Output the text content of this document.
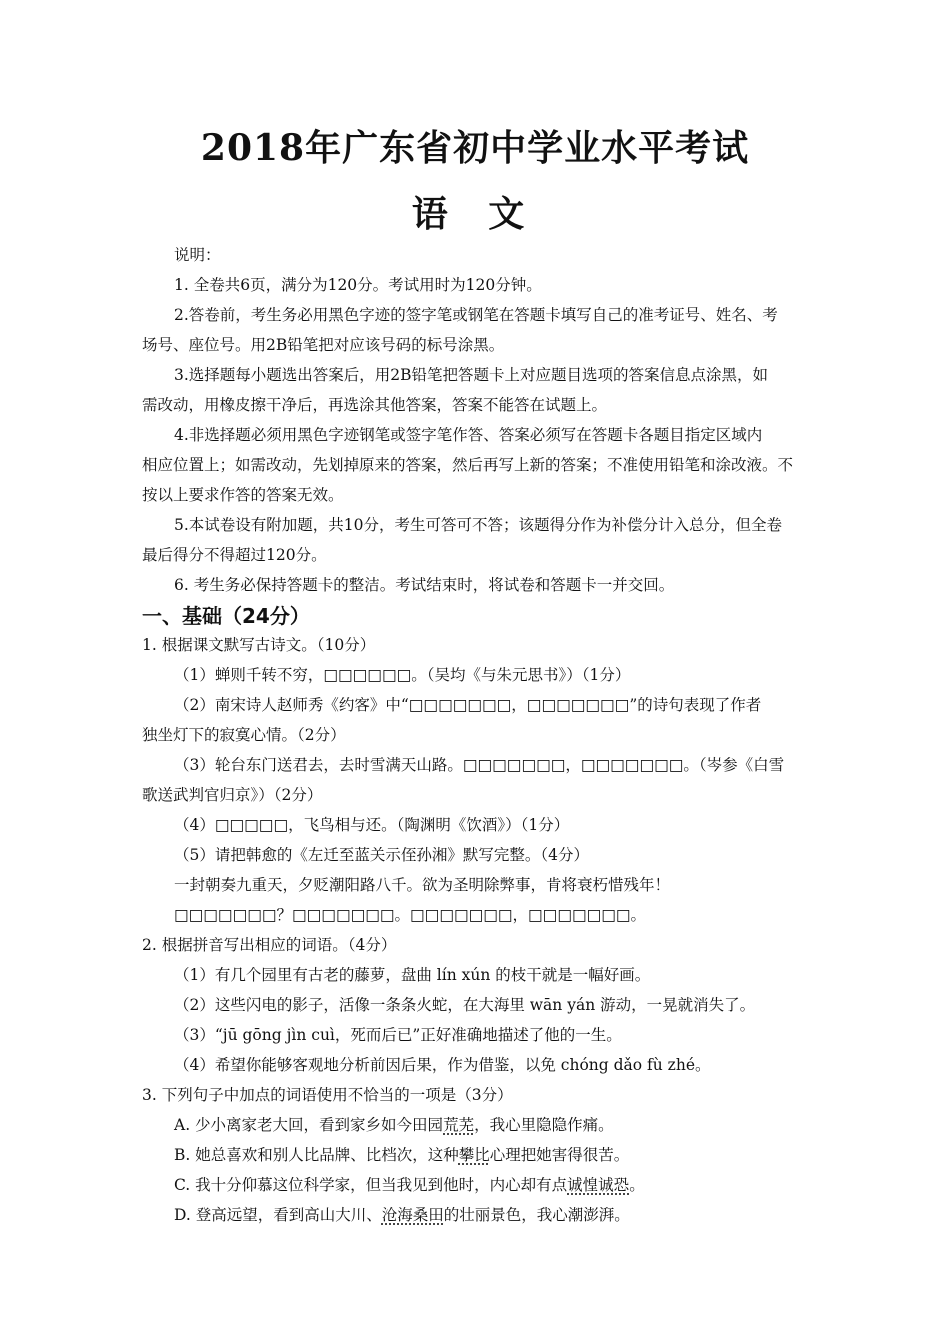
2018年广东省初中学业水平考试
语 文
说明：
1. 全卷共6页，满分为120分。考试用时为120分钟。
2.答卷前，考生务必用黑色字迹的签字笔或钢笔在答题卡填写自己的准考证号、姓名、考
场号、座位号。用2B铅笔把对应该号码的标号涂黑。
3.选择题每小题选出答案后，用2B铅笔把答题卡上对应题目选项的答案信息点涂黑，如
需改动，用橡皮擦干净后，再选涂其他答案，答案不能答在试题上。
4.非选择题必须用黑色字迹钢笔或签字笔作答、答案必须写在答题卡各题目指定区域内
相应位置上；如需改动，先划掉原来的答案，然后再写上新的答案；不准使用铅笔和涂改液。不
按以上要求作答的答案无效。
5.本试卷设有附加题，共10分，考生可答可不答；该题得分作为补偿分计入总分，但全卷
最后得分不得超过120分。
6. 考生务必保持答题卡的整洁。考试结束时，将试卷和答题卡一并交回。
一、基础（24分）
1. 根据课文默写古诗文。（10分）
（1）蝉则千转不穷，□□□□□□。（吴均《与朱元思书》）（1分）
（2）南宋诗人赵师秀《约客》中“□□□□□□□，□□□□□□□”的诗句表现了作者
独坐灯下的寂寞心情。（2分）
（3）轮台东门送君去，去时雪满天山路。□□□□□□□，□□□□□□□。（岑参《白雪
歌送武判官归京》）（2分）
（4）□□□□□，飞鸟相与还。（陶渊明《饮酒》）（1分）
（5）请把韩愈的《左迁至蓝关示侄孙湘》默写完整。（4分）
一封朝奏九重天，夕贬潮阳路八千。欲为圣明除弊事，肯将衰朽惜残年！
□□□□□□□？□□□□□□□。□□□□□□□，□□□□□□□。
2. 根据拼音写出相应的词语。（4分）
（1）有几个园里有古老的藤萝，盘曲 lín xún 的枝干就是一幅好画。
（2）这些闪电的影子，活像一条条火蛇，在大海里 wān yán 游动，一晃就消失了。
（3）“jū gōng jìn cuì，死而后已”正好准确地描述了他的一生。
（4）希望你能够客观地分析前因后果，作为借鉴，以免 chóng dǎo fù zhé。
3. 下列句子中加点的词语使用不恰当的一项是（3分）
A. 少小离家老大回，看到家乡如今田园荒芜，我心里隐隐作痛。
B. 她总喜欢和别人比品牌、比档次，这种攀比心理把她害得很苦。
C. 我十分仰慕这位科学家，但当我见到他时，内心却有点诚惶诚恐。
D. 登高远望，看到高山大川、沧海桑田的壮丽景色，我心潮澎湃。
